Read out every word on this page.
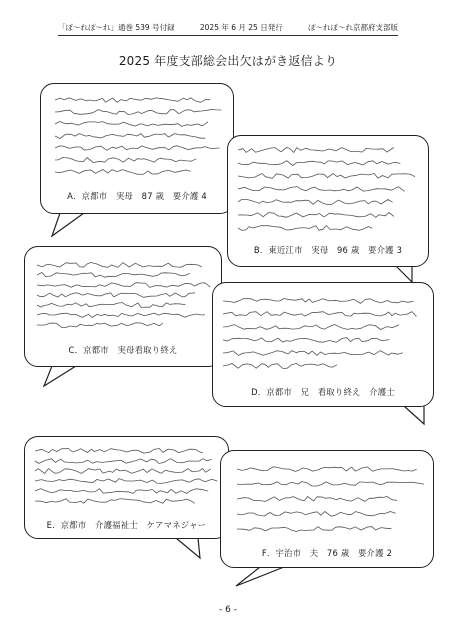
「ぽ～れぽ～れ」通巻 539 号付録	2025 年 6 月 25 日発行	ぽ～れぽ～れ京都府支部版
2025 年度支部総会出欠はがき返信より
A．京都市　実母　87 歳　要介護 4
B．東近江市　実母　96 歳　要介護 3
C．京都市　実母看取り終え
D．京都市　兄　看取り終え　介護士
E．京都市　介護福祉士　ケアマネジャー
F．宇治市　夫　76 歳　要介護 2
- 6 -
